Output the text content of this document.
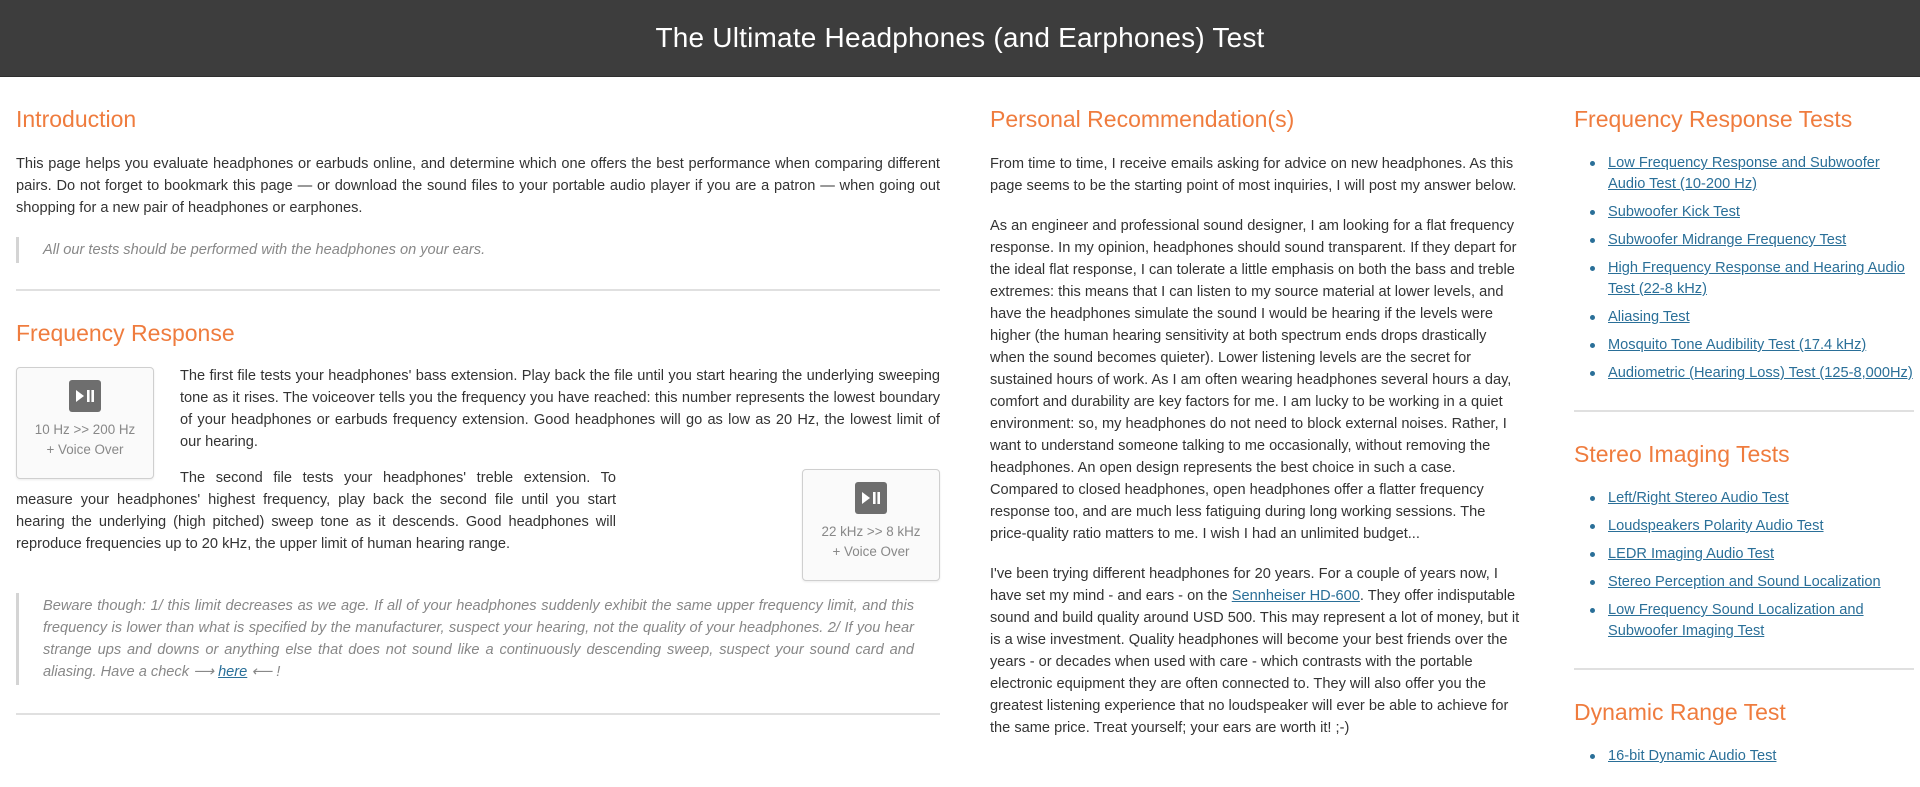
The Ultimate Headphones (and Earphones) Test
Introduction

This page helps you evaluate headphones or earbuds online, and determine which one offers the best performance when comparing different pairs. Do not forget to bookmark this page — or download the sound files to your portable audio player if you are a patron — when going out shopping for a new pair of headphones or earphones.

All our tests should be performed with the headphones on your ears.
Frequency Response
10 Hz >> 200 Hz
+ Voice Over

The first file tests your headphones' bass extension. Play back the file until you start hearing the underlying sweeping tone as it rises. The voiceover tells you the frequency you have reached: this number represents the lowest boundary of your headphones or earbuds frequency extension. Good headphones will go as low as 20 Hz, the lowest limit of our hearing.

The second file tests your headphones' treble extension. To measure your headphones' highest frequency, play back the second file until you start hearing the underlying (high pitched) sweep tone as it descends. Good headphones will reproduce frequencies up to 20 kHz, the upper limit of human hearing range.

22 kHz >> 8 kHz
+ Voice Over
Beware though: 1/ this limit decreases as we age. If all of your headphones suddenly exhibit the same upper frequency limit, and this frequency is lower than what is specified by the manufacturer, suspect your hearing, not the quality of your headphones. 2/ If you hear strange ups and downs or anything else that does not sound like a continuously descending sweep, suspect your sound card and aliasing. Have a check ⟶ here ⟵ !
Personal Recommendation(s)

From time to time, I receive emails asking for advice on new headphones. As this page seems to be the starting point of most inquiries, I will post my answer below.

As an engineer and professional sound designer, I am looking for a flat frequency response. In my opinion, headphones should sound transparent. If they depart for the ideal flat response, I can tolerate a little emphasis on both the bass and treble extremes: this means that I can listen to my source material at lower levels, and have the headphones simulate the sound I would be hearing if the levels were higher (the human hearing sensitivity at both spectrum ends drops drastically when the sound becomes quieter). Lower listening levels are the secret for sustained hours of work. As I am often wearing headphones several hours a day, comfort and durability are key factors for me. I am lucky to be working in a quiet environment: so, my headphones do not need to block external noises. Rather, I want to understand someone talking to me occasionally, without removing the headphones. An open design represents the best choice in such a case. Compared to closed headphones, open headphones offer a flatter frequency response too, and are much less fatiguing during long working sessions. The price-quality ratio matters to me. I wish I had an unlimited budget...

I've been trying different headphones for 20 years. For a couple of years now, I have set my mind - and ears - on the Sennheiser HD-600. They offer indisputable sound and build quality around USD 500. This may represent a lot of money, but it is a wise investment. Quality headphones will become your best friends over the years - or decades when used with care - which contrasts with the portable electronic equipment they are often connected to. They will also offer you the greatest listening experience that no loudspeaker will ever be able to achieve for the same price. Treat yourself; your ears are worth it! ;-)

Frequency Response Tests
Low Frequency Response and Subwoofer Audio Test (10-200 Hz)
Subwoofer Kick Test
Subwoofer Midrange Frequency Test
High Frequency Response and Hearing Audio Test (22-8 kHz)
Aliasing Test
Mosquito Tone Audibility Test (17.4 kHz)
Audiometric (Hearing Loss) Test (125-8,000Hz)
Stereo Imaging Tests
Left/Right Stereo Audio Test
Loudspeakers Polarity Audio Test
LEDR Imaging Audio Test
Stereo Perception and Sound Localization
Low Frequency Sound Localization and Subwoofer Imaging Test
Dynamic Range Test
16-bit Dynamic Audio Test
